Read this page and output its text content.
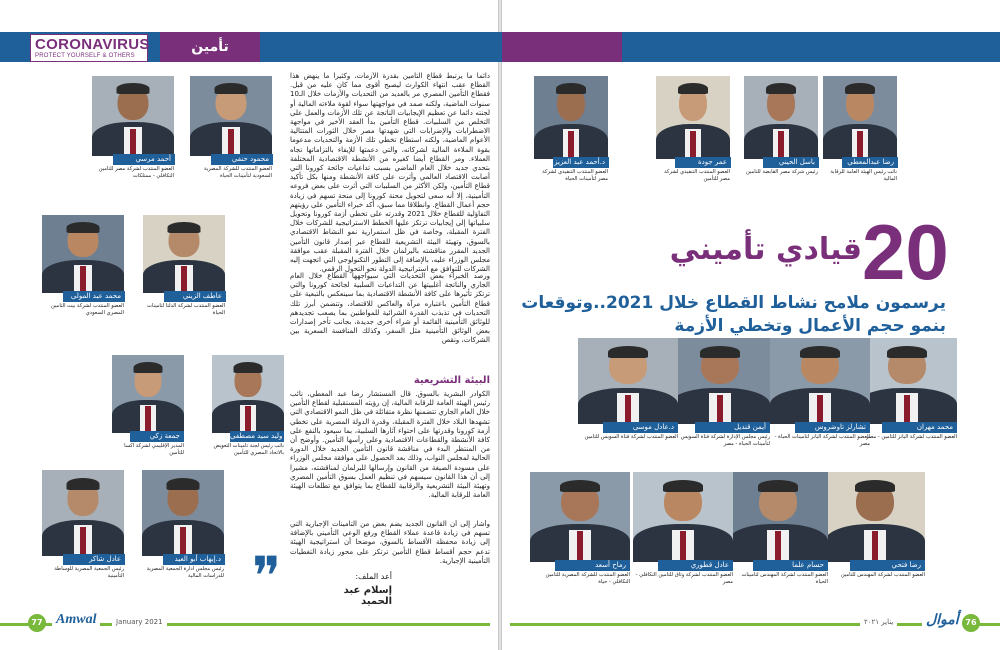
CORONAVIRUS
PROTECT YOURSELF & OTHERS
تأمين
20
قيادي تأميني
يرسمون ملامح نشاط القطاع خلال 2021..وتوقعات
بنمو حجم الأعمال وتخطي الأزمة
دائما ما يرتبط قطاع التأمين بقدرة الأزمات، وكثيرا ما ينهض هذا القطاع عقب انتهاء الكوارث ليصبح أقوى مما كان عليه من قبل. فقطاع التأمين المصري مر بالعديد من التحديات والأزمات خلال الـ10 سنوات الماضية، ولكنه صمد في مواجهتها سواء لقوة ملاءته المالية أو لجنته دائما عن تعظيم الإيجابيات الناتجة عن تلك الأزمات والعمل على التخلص من السلبيات. قطاع التأمين بدأ العقد الأخير في مواجهة الاضطرابات والإضرابات التي شهدتها مصر خلال الثورات المتتالية الأعوام الماضية، ولكنه استطاع تخطي تلك الأزمة والتحديات مدعوما بقوة الملاءة المالية لشركاته، والتي دعمتها للإيفاء بالتزاماتها تجاه العملاء. ومر القطاع أيضا كغيره من الأنشطة الاقتصادية المختلفة بتحدي جديد خلال العام الماضي بسبب تداعيات جائحة كورونا التي أصابت الاقتصاد العالمي وأثرت على كافة الأنشطة ومنها بكل تأكيد قطاع التأمين، ولكن الأكثر من السلبيات التي أثرت على بعض فروعه التأمينية، إلا أنه سعى لتحويل محنة كورونا إلى منحة تسهم في زيادة حجم أعمال القطاع. وانطلاقا مما سبق، أكد خبراء التأمين على رؤيتهم التفاؤلية للقطاع خلال 2021 وقدرته على تخطي أزمة كورونا وتحويل سلبياتها إلى إيجابيات ترتكز عليها الخطط الاستراتيجية للشركات خلال الفترة المقبلة، وخاصة في ظل استمرارية نمو النشاط الاقتصادي بالسوق، وتهيئة البيئة التشريعية للقطاع عبر إصدار قانون التأمين الجديد المقرر مناقشته بالبرلمان خلال الفترة المقبلة عقب موافقة مجلس الوزراء عليه، بالإضافة إلى التطور التكنولوجي التي اتجهت إليه الشركات للتوافق مع استراتيجية الدولة نحو التحول الرقمي.
ورصد الخبراء بعض التحديات التي سيواجهها القطاع خلال العام الجاري والناتجة أغلبيتها عن التداعيات السلبية لجائحة كورونا والتي ترتكز تأثيرها على كافة الأنشطة الاقتصادية بما سينعكس بالتبعية على قطاع التأمين باعتباره مرآة والعاكس للاقتصاد، وتتضمن أبرز تلك التحديات في تذبذب القدرة الشرائية للمواطنين بما يصعب تجديدهم للوثائق التأمينية القائمة أو شراء أخرى جديدة، بجانب تأخر إصدارات بعض الوثائق التأمينية مثل السفر، وكذلك المنافسة السعرية بين الشركات، ونقص
البيئة التشريعية
الكوادر البشرية بالسوق. قال المستشار رضا عبد المعطي، نائب رئيس الهيئة العامة للرقابة المالية، إن رؤيته المستقبلية لقطاع التأمين خلال العام الجاري تتضمنها نظرة متفائلة في ظل النمو الاقتصادي التي تشهدها البلاد خلال الفترة المقبلة، وقدرة الدولة المصرية على تخطي أزمة كورونا وقدرتها على احتواء آثارها السلبية، بما سيعود بالنفع على كافة الأنشطة والقطاعات الاقتصادية وعلى رأسها التأمين. وأوضح أن من المنتظر البدء في مناقشة قانون التأمين الجديد خلال الدورة الحالية لمجلس النواب، وذلك بعد الحصول على موافقة مجلس الوزراء على مسودة الصيغة من القانون وإرسالها للبرلمان لمناقشته، مشيرا إلى أن هذا القانون سيسهم في تنظيم العمل بسوق التأمين المصري وتهيئة البيئة التشريعية والرقابية للقطاع بما يتوافق مع تطلعات الهيئة العامة للرقابة المالية.
وأشار إلى أن القانون الجديد يضم بعض من التأمينات الإجبارية التي تسهم في زيادة قاعدة عملاء القطاع ورفع الوعي التأميني بالإضافة إلى زيادة محفظة الأقساط بالسوق، موضحا أن استراتيجية الهيئة تدعم حجم أقساط قطاع التأمين ترتكز على محور زيادة التغطيات التأمينية الإجبارية.
❞	أعد الملف:
إسلام عبد الحميد
رضا عبدالمعطي
نائب رئيس الهيئة العامة للرقابة المالية
باسل الحيني
رئيس شركة مصر القابضة للتأمين
عمر جودة
العضو المنتدب التنفيذي لشركة مصر للتأمين
د.أحمد عبد العزيز
العضو المنتدب التنفيذي لشركة مصر لتأمينات الحياة
محمد مهران
العضو المنتدب لشركة اليانز للتأمين - مصر
تشارلز تاوضروس
العضو المنتدب لشركة اليانز لتأمينات الحياة - مصر
أيمن قنديل
رئيس مجلس الإدارة لشركة قناة السويس لتأمينات الحياة - مصر
د.عادل موسى
العضو المنتدب لشركة قناة السويس للتأمين
رضا فتحي
العضو المنتدب لشركة المهندس للتأمين
حسام علما
العضو المنتدب لشركة المهندس لتأمينات الحياة
عادل قطوري
العضو المنتدب لشركة وثاق للتأمين التكافلي - مصر
رماح أسعد
العضو المنتدب للشركة المصرية للتأمين التكافلي - حياة
محمود حنفي
العضو المنتدب للشركة المصرية السعودية لتأمينات الحياة
أحمد مرسي
العضو المنتدب لشركة مصر للتأمين التكافلي - ممتلكات
عاطف الزيني
العضو المنتدب لشركة الدلتا لتأمينات الحياة
محمد عبد المولى
العضو المنتدب لشركة بيت التأمين المصري السعودي
وليد سيد مصطفى
نائب رئيس لجنة تأمينات التعويض بالاتحاد المصري للتأمين
جمعة زكي
المدير الإقليمي لشركة اكسا للتأمين
د.إيهاب أبو العيد
رئيس مجلس ادارة الجمعية المصرية للدراسات المالية
عادل شاكر
رئيس الجمعية المصرية للوساطة التأمينية
77 Amwal	January 2021	يناير ٢٠٢١ أموال 76
